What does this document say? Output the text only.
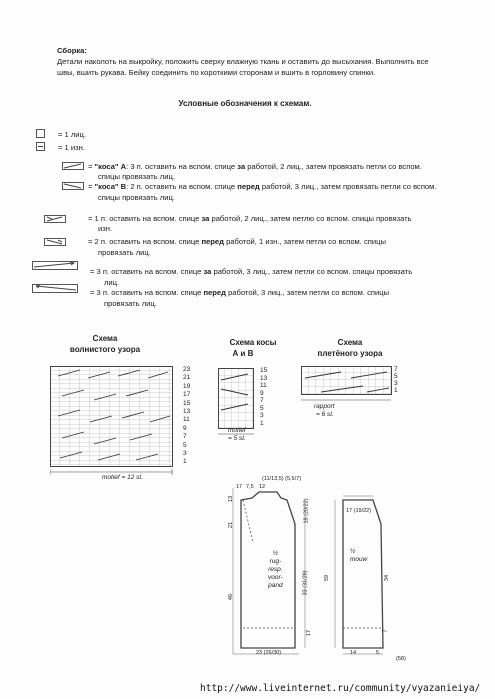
Сборка:
Детали наколоть на выкройку, положить сверху влажную ткань и оставить до высыхания. Выполнить все
швы, вшить рукава. Бейку соединить по короткими сторонам и вшить в горловину спинки.
Условные обозначения к схемам.
= 1 лиц.
= 1 изн.
= "коса" А: 3 п. оставить на вспом. спице за работой, 2 лиц., затем провязать петли со вспом.
спицы провязать лиц.
= "коса" В: 2 п. оставить на вспом. спице перед работой, 3 лиц., затем провязать петли со вспом.
спицы провязать лиц.
= 1 п. оставить на вспом. спице за работой, 2 лиц., затем петлю со вспом. спицы провязать
изн.
= 2 п. оставить на вспом. спице перед работой, 1 изн., затем петли со вспом. спицы
провязать лиц.
= 3 п. оставить на вспом. спице за работой, 3 лиц., затем петли со вспом. спицы провязать
лиц.
= 3 п. оставить на вспом. спице перед работой, 3 лиц., затем петли со вспом. спицы
провязать лиц.
Схема
волнистого узора
23
21
19
17
15
13
11
9
7
5
3
1
motief = 12 st.
Схема косы
А и В
15
13
11
9
7
5
3
1
motief
= 5 st.
Схема
плетёного узора
7
5
3
1
rapport
= 6 st.
(11/13,5) (5,5/7)
17 7,5 12
13
21
46
18 (20/22)
33 (31/29)
17
23 (26/30)
½
rug-
resp.
voor-
pand
17 (19/22)
½
mouw
59	34
7
14	5
(58)
http://www.liveinternet.ru/community/vyazanieiya/
